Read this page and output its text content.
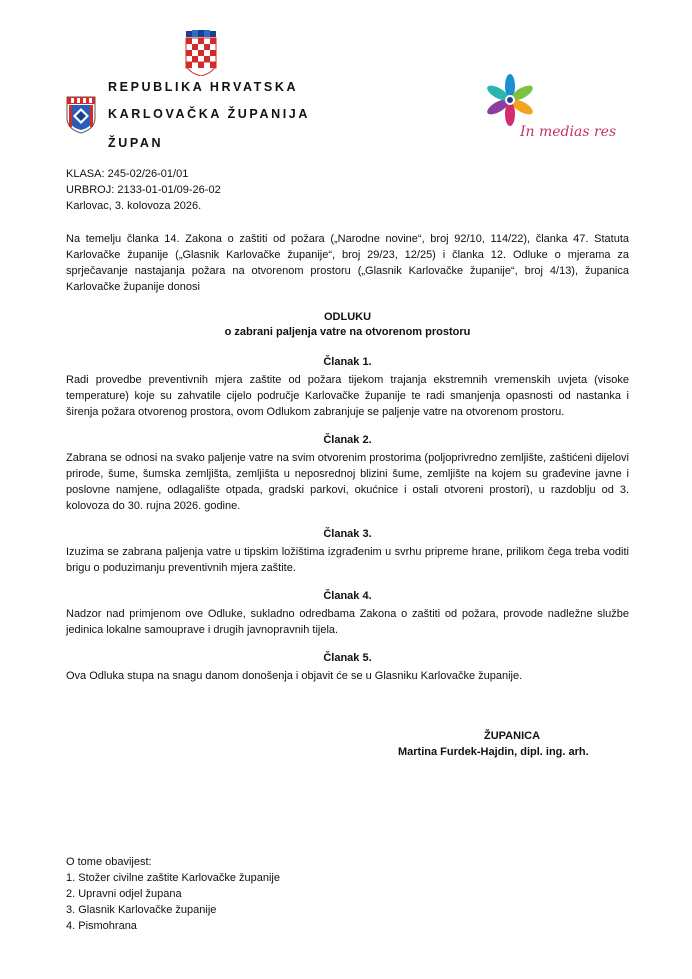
REPUBLIKA HRVATSKA
KARLOVAČKA ŽUPANIJA
ŽUPAN
In medias res
KLASA: 245-02/26-01/01
URBROJ: 2133-01-01/09-26-02
Karlovac, 3. kolovoza 2026.

Na temelju članka 14. Zakona o zaštiti od požara („Narodne novine“, broj 92/10, 114/22), članka 47. Statuta Karlovačke županije („Glasnik Karlovačke županije“, broj 29/23, 12/25) i članka 12. Odluke o mjerama za sprječavanje nastajanja požara na otvorenom prostoru („Glasnik Karlovačke županije“, broj 4/13), županica Karlovačke županije donosi

ODLUKU
o zabrani paljenja vatre na otvorenom prostoru
Članak 1.

Radi provedbe preventivnih mjera zaštite od požara tijekom trajanja ekstremnih vremenskih uvjeta (visoke temperature) koje su zahvatile cijelo područje Karlovačke županije te radi smanjenja opasnosti od nastanka i širenja požara otvorenog prostora, ovom Odlukom zabranjuje se paljenje vatre na otvorenom prostoru.

Članak 2.

Zabrana se odnosi na svako paljenje vatre na svim otvorenim prostorima (poljoprivredno zemljište, zaštićeni dijelovi prirode, šume, šumska zemljišta, zemljišta u neposrednoj blizini šume, zemljište na kojem su građevine javne i poslovne namjene, odlagalište otpada, gradski parkovi, okućnice i ostali otvoreni prostori), u razdoblju od 3. kolovoza do 30. rujna 2026. godine.

Članak 3.

Izuzima se zabrana paljenja vatre u tipskim ložištima izgrađenim u svrhu pripreme hrane, prilikom čega treba voditi brigu o poduzimanju preventivnih mjera zaštite.

Članak 4.

Nadzor nad primjenom ove Odluke, sukladno odredbama Zakona o zaštiti od požara, provode nadležne službe jedinica lokalne samouprave i drugih javnopravnih tijela.

Članak 5.

Ova Odluka stupa na snagu danom donošenja i objavit će se u Glasniku Karlovačke županije.

ŽUPANICA
Martina Furdek-Hajdin, dipl. ing. arh.
O tome obavijest:
1. Stožer civilne zaštite Karlovačke županije
2. Upravni odjel župana
3. Glasnik Karlovačke županije
4. Pismohrana
